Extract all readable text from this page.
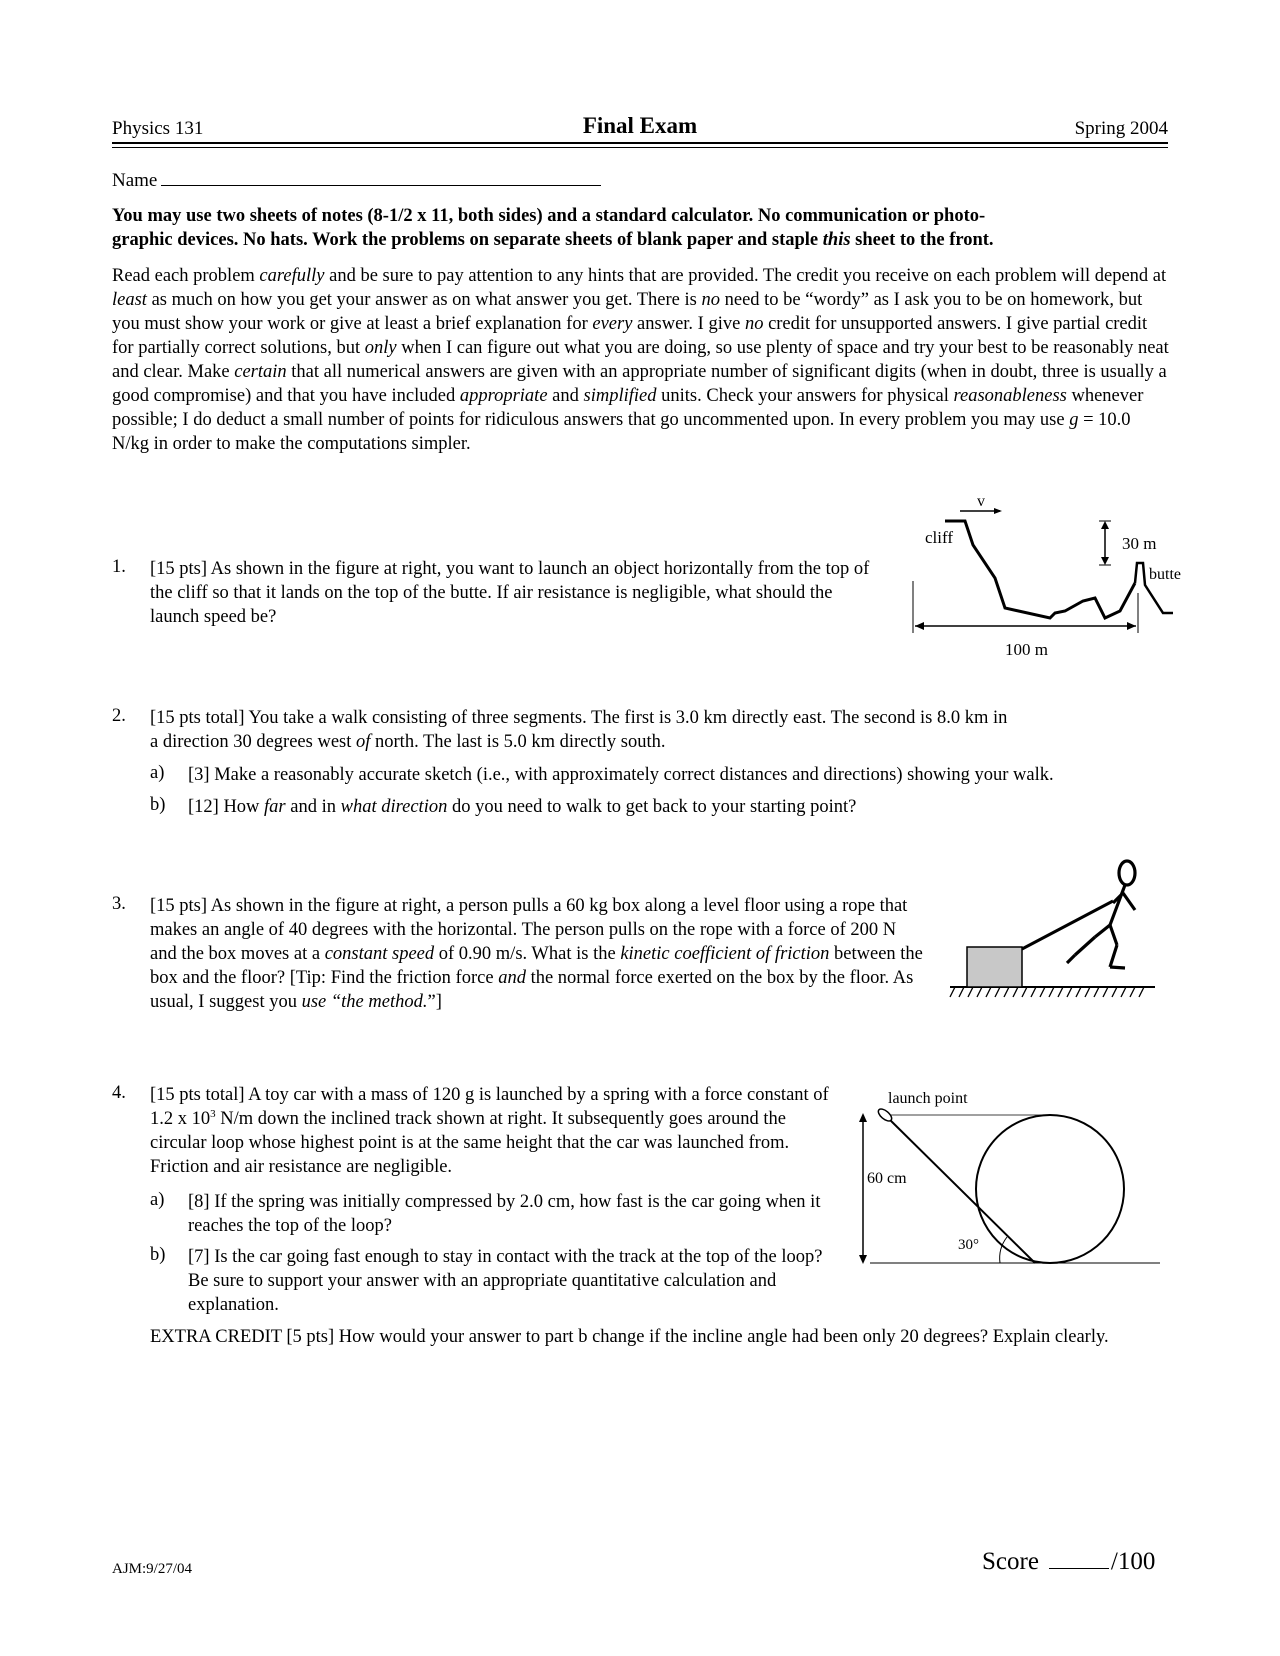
Physics 131	Final Exam	Spring 2004
Name
You may use two sheets of notes (8-1/2 x 11, both sides) and a standard calculator. No communication or photo-
graphic devices. No hats. Work the problems on separate sheets of blank paper and staple this sheet to the front.
Read each problem carefully and be sure to pay attention to any hints that are provided. The credit you receive on each problem will depend at least as much on how you get your answer as on what answer you get. There is no need to be “wordy” as I ask you to be on homework, but you must show your work or give at least a brief explanation for every answer. I give no credit for unsupported answers. I give partial credit for partially correct solutions, but only when I can figure out what you are doing, so use plenty of space and try your best to be reasonably neat and clear. Make certain that all numerical answers are given with an appropriate number of significant digits (when in doubt, three is usually a good compromise) and that you have included appropriate and simplified units. Check your answers for physical reasonableness whenever possible; I do deduct a small number of points for ridiculous answers that go uncommented upon. In every problem you may use g = 10.0 N/kg in order to make the computations simpler.
1. [15 pts] As shown in the figure at right, you want to launch an object horizontally from the top of the cliff so that it lands on the top of the butte. If air resistance is negligible, what should the launch speed be?
v
cliff	30 m
butte
100 m
2. [15 pts total] You take a walk consisting of three segments. The first is 3.0 km directly east. The second is 8.0 km in a direction 30 degrees west of north. The last is 5.0 km directly south.
a) [3] Make a reasonably accurate sketch (i.e., with approximately correct distances and directions) showing your walk.
b) [12] How far and in what direction do you need to walk to get back to your starting point?
3. [15 pts] As shown in the figure at right, a person pulls a 60 kg box along a level floor using a rope that makes an angle of 40 degrees with the horizontal. The person pulls on the rope with a force of 200 N and the box moves at a constant speed of 0.90 m/s. What is the kinetic coefficient of friction between the box and the floor? [Tip: Find the friction force and the normal force exerted on the box by the floor. As usual, I suggest you use “the method.”]
4. [15 pts total] A toy car with a mass of 120 g is launched by a spring with a force constant of 1.2 x $10^3$ N/m down the inclined track shown at right. It subsequently goes around the circular loop whose highest point is at the same height that the car was launched from. Friction and air resistance are negligible.
a) [8] If the spring was initially compressed by 2.0 cm, how fast is the car going when it reaches the top of the loop?
b) [7] Is the car going fast enough to stay in contact with the track at the top of the loop? Be sure to support your answer with an appropriate quantitative calculation and explanation.
EXTRA CREDIT [5 pts] How would your answer to part b change if the incline angle had been only 20 degrees? Explain clearly.
launch point
60 cm
30°
AJM:9/27/04	Score	/100
